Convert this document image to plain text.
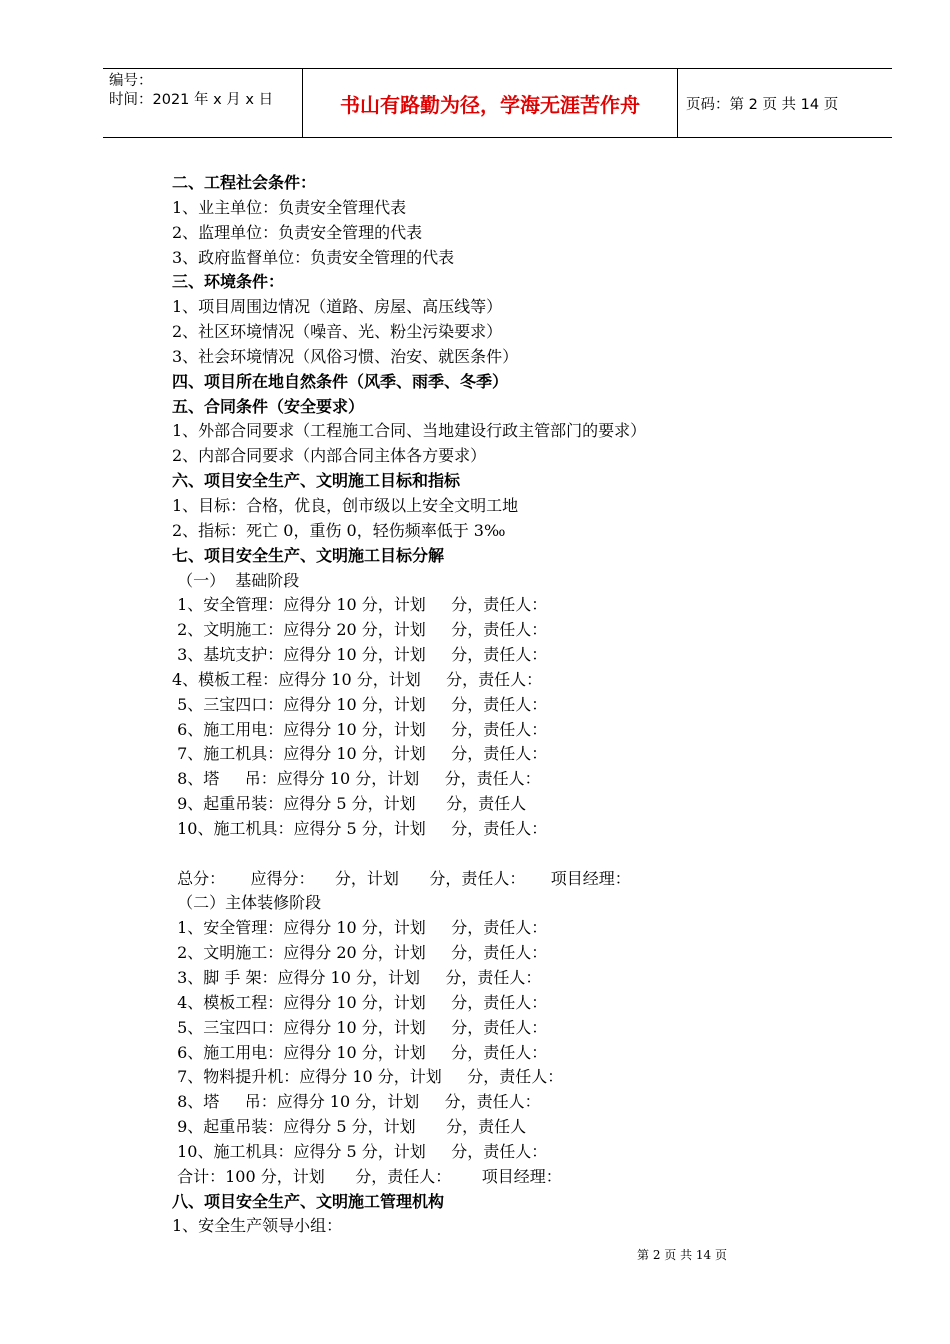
编号：
时间：2021 年 x 月 x 日	书山有路勤为径，学海无涯苦作舟	页码：第 2 页 共 14 页
二、工程社会条件：
1、业主单位：负责安全管理代表
2、监理单位：负责安全管理的代表
3、政府监督单位：负责安全管理的代表
三、环境条件：
1、项目周围边情况（道路、房屋、高压线等）
2、社区环境情况（噪音、光、粉尘污染要求）
3、社会环境情况（风俗习惯、治安、就医条件）
四、项目所在地自然条件（风季、雨季、冬季）
五、合同条件（安全要求）
1、外部合同要求（工程施工合同、当地建设行政主管部门的要求）
2、内部合同要求（内部合同主体各方要求）
六、项目安全生产、文明施工目标和指标
1、目标：合格，优良，创市级以上安全文明工地
2、指标：死亡 0，重伤 0，轻伤频率低于 3‰
七、项目安全生产、文明施工目标分解
（一）  基础阶段
1、安全管理：应得分 10 分，计划     分，责任人：
2、文明施工：应得分 20 分，计划     分，责任人：
3、基坑支护：应得分 10 分，计划     分，责任人：
4、模板工程：应得分 10 分，计划     分，责任人：
5、三宝四口：应得分 10 分，计划     分，责任人：
6、施工用电：应得分 10 分，计划     分，责任人：
7、施工机具：应得分 10 分，计划     分，责任人：
8、塔     吊：应得分 10 分，计划     分，责任人：
9、起重吊装：应得分 5 分，计划      分，责任人
10、施工机具：应得分 5 分，计划     分，责任人：
总分：     应得分：    分，计划      分，责任人：     项目经理：
（二）主体装修阶段
1、安全管理：应得分 10 分，计划     分，责任人：
2、文明施工：应得分 20 分，计划     分，责任人：
3、脚 手 架：应得分 10 分，计划     分，责任人：
4、模板工程：应得分 10 分，计划     分，责任人：
5、三宝四口：应得分 10 分，计划     分，责任人：
6、施工用电：应得分 10 分，计划     分，责任人：
7、物料提升机：应得分 10 分，计划     分，责任人：
8、塔     吊：应得分 10 分，计划     分，责任人：
9、起重吊装：应得分 5 分，计划      分，责任人
10、施工机具：应得分 5 分，计划     分，责任人：
合计：100 分，计划      分，责任人：      项目经理：
八、项目安全生产、文明施工管理机构
1、安全生产领导小组：
第 2 页 共 14 页
